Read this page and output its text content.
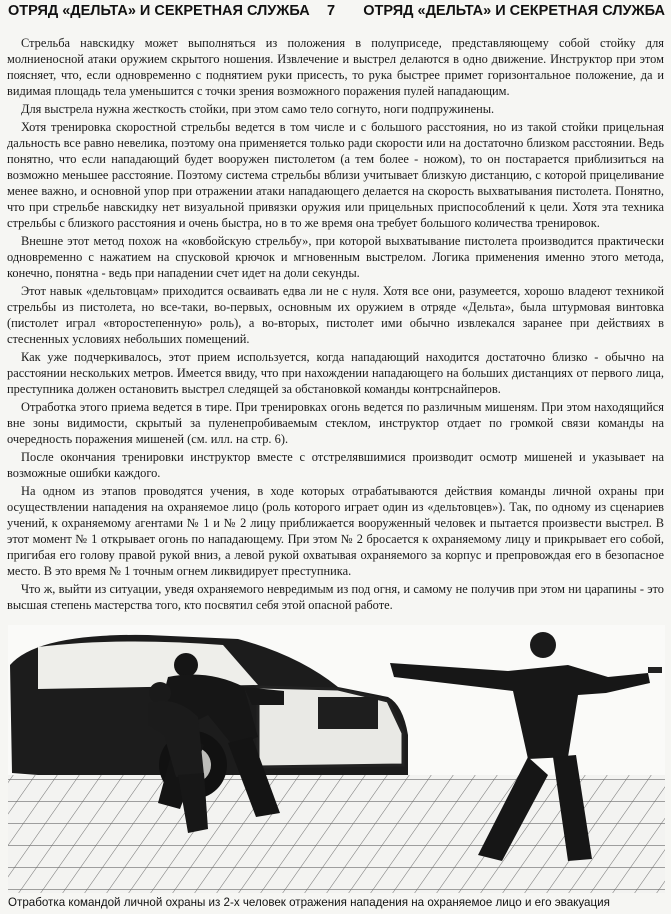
ОТРЯД «ДЕЛЬТА» И СЕКРЕТНАЯ СЛУЖБА 7 ОТРЯД «ДЕЛЬТА» И СЕКРЕТНАЯ СЛУЖБА

Стрельба навскидку может выполняться из положения в полуприседе, представляющему собой стойку для молниеносной атаки оружием скрытого ношения. Извлечение и выстрел делаются в одно движение. Инструктор при этом поясняет, что, если одновременно с поднятием руки присесть, то рука быстрее примет горизонтальное положение, да и видимая площадь тела уменьшится с точки зрения возможного поражения пулей нападающим.

Для выстрела нужна жесткость стойки, при этом само тело согнуто, ноги подпружинены.

Хотя тренировка скоростной стрельбы ведется в том числе и с большого расстояния, но из такой стойки прицельная дальность все равно невелика, поэтому она применяется только ради скорости или на достаточно близком расстоянии. Ведь понятно, что если нападающий будет вооружен пистолетом (а тем более - ножом), то он постарается приблизиться на возможно меньшее расстояние. Поэтому система стрельбы вблизи учитывает близкую дистанцию, с которой прицеливание менее важно, и основной упор при отражении атаки нападающего делается на скорость выхватывания пистолета. Понятно, что при стрельбе навскидку нет визуальной привязки оружия или прицельных приспособлений к цели. Хотя эта техника стрельбы с близкого расстояния и очень быстра, но в то же время она требует большого количества тренировок.

Внешне этот метод похож на «ковбойскую стрельбу», при которой выхватывание пистолета производится практически одновременно с нажатием на спусковой крючок и мгновенным выстрелом. Логика применения именно этого метода, конечно, понятна - ведь при нападении счет идет на доли секунды.

Этот навык «дельтовцам» приходится осваивать едва ли не с нуля. Хотя все они, разумеется, хорошо владеют техникой стрельбы из пистолета, но все-таки, во-первых, основным их оружием в отряде «Дельта», была штурмовая винтовка (пистолет играл «второстепенную» роль), а во-вторых, пистолет ими обычно извлекался заранее при действиях в стесненных условиях небольших помещений.

Как уже подчеркивалось, этот прием используется, когда нападающий находится достаточно близко - обычно на расстоянии нескольких метров. Имеется ввиду, что при нахождении нападающего на больших дистанциях от первого лица, преступника должен остановить выстрел следящей за обстановкой команды контрснайперов.

Отработка этого приема ведется в тире. При тренировках огонь ведется по различным мишеням. При этом находящийся вне зоны видимости, скрытый за пуленепробиваемым стеклом, инструктор отдает по громкой связи команды на очередность поражения мишеней (см. илл. на стр. 6).

После окончания тренировки инструктор вместе с отстрелявшимися производит осмотр мишеней и указывает на возможные ошибки каждого.

На одном из этапов проводятся учения, в ходе которых отрабатываются действия команды личной охраны при осуществлении нападения на охраняемое лицо (роль которого играет один из «дельтовцев»). Так, по одному из сценариев учений, к охраняемому агентами № 1 и № 2 лицу приближается вооруженный человек и пытается произвести выстрел. В этот момент № 1 открывает огонь по нападающему. При этом № 2 бросается к охраняемому лицу и прикрывает его собой, пригибая его голову правой рукой вниз, а левой рукой охватывая охраняемого за корпус и препровождая его в безопасное место. В это время № 1 точным огнем ликвидирует преступника.

Что ж, выйти из ситуации, уведя охраняемого невредимым из под огня, и самому не получив при этом ни царапины - это высшая степень мастерства того, кто посвятил себя этой опасной работе.

Отработка командой личной охраны из 2-х человек отражения нападения на охраняемое лицо и его эвакуация
